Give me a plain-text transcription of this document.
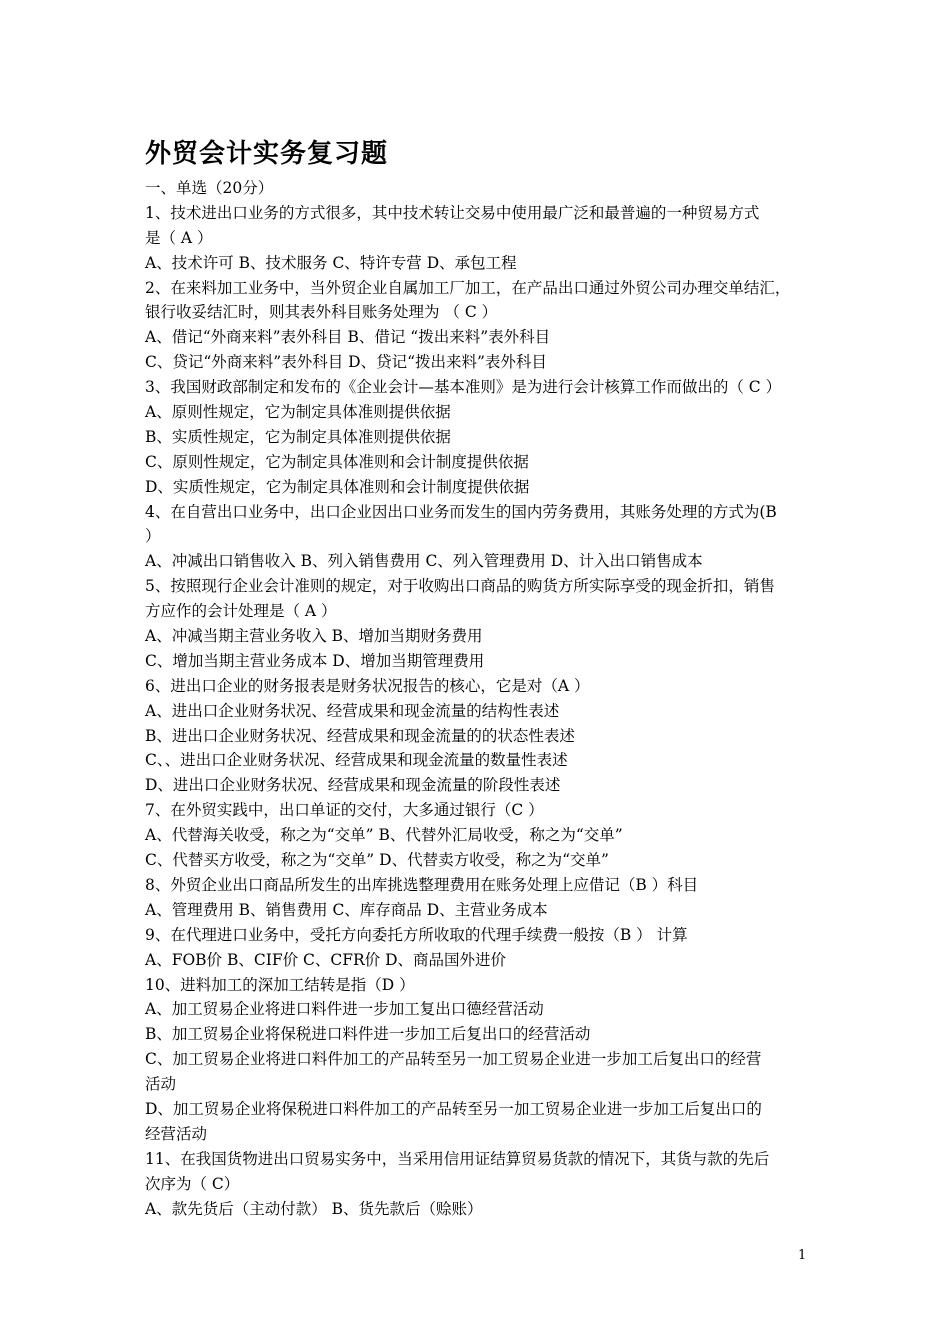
外贸会计实务复习题
一、单选（20分）
1、技术进出口业务的方式很多，其中技术转让交易中使用最广泛和最普遍的一种贸易方式
是（ A ）
A、技术许可 B、技术服务 C、特许专营 D、承包工程
2、在来料加工业务中，当外贸企业自属加工厂加工，在产品出口通过外贸公司办理交单结汇，
银行收妥结汇时，则其表外科目账务处理为 （ C ）
A、借记“外商来料”表外科目 B、借记 “拨出来料”表外科目
C、贷记“外商来料”表外科目 D、贷记“拨出来料”表外科目
3、我国财政部制定和发布的《企业会计—基本准则》是为进行会计核算工作而做出的（ C ）
A、原则性规定，它为制定具体准则提供依据
B、实质性规定，它为制定具体准则提供依据
C、原则性规定，它为制定具体准则和会计制度提供依据
D、实质性规定，它为制定具体准则和会计制度提供依据
4、在自营出口业务中，出口企业因出口业务而发生的国内劳务费用，其账务处理的方式为(B
）
A、冲减出口销售收入 B、列入销售费用 C、列入管理费用 D、计入出口销售成本
5、按照现行企业会计准则的规定，对于收购出口商品的购货方所实际享受的现金折扣，销售
方应作的会计处理是（ A ）
A、冲减当期主营业务收入 B、增加当期财务费用
C、增加当期主营业务成本 D、增加当期管理费用
6、进出口企业的财务报表是财务状况报告的核心，它是对（A ）
A、进出口企业财务状况、经营成果和现金流量的结构性表述
B、进出口企业财务状况、经营成果和现金流量的的状态性表述
C、、进出口企业财务状况、经营成果和现金流量的数量性表述
D、进出口企业财务状况、经营成果和现金流量的阶段性表述
7、在外贸实践中，出口单证的交付，大多通过银行（C ）
A、代替海关收受，称之为“交单” B、代替外汇局收受，称之为“交单”
C、代替买方收受，称之为“交单” D、代替卖方收受，称之为“交单”
8、外贸企业出口商品所发生的出库挑选整理费用在账务处理上应借记（B ）科目
A、管理费用 B、销售费用 C、库存商品 D、主营业务成本
9、在代理进口业务中，受托方向委托方所收取的代理手续费一般按（B ） 计算
A、FOB价 B、CIF价 C、CFR价 D、商品国外进价
10、进料加工的深加工结转是指（D ）
A、加工贸易企业将进口料件进一步加工复出口德经营活动
B、加工贸易企业将保税进口料件进一步加工后复出口的经营活动
C、加工贸易企业将进口料件加工的产品转至另一加工贸易企业进一步加工后复出口的经营
活动
D、加工贸易企业将保税进口料件加工的产品转至另一加工贸易企业进一步加工后复出口的
经营活动
11、在我国货物进出口贸易实务中，当采用信用证结算贸易货款的情况下，其货与款的先后
次序为（ C）
A、款先货后（主动付款） B、货先款后（赊账）
1
